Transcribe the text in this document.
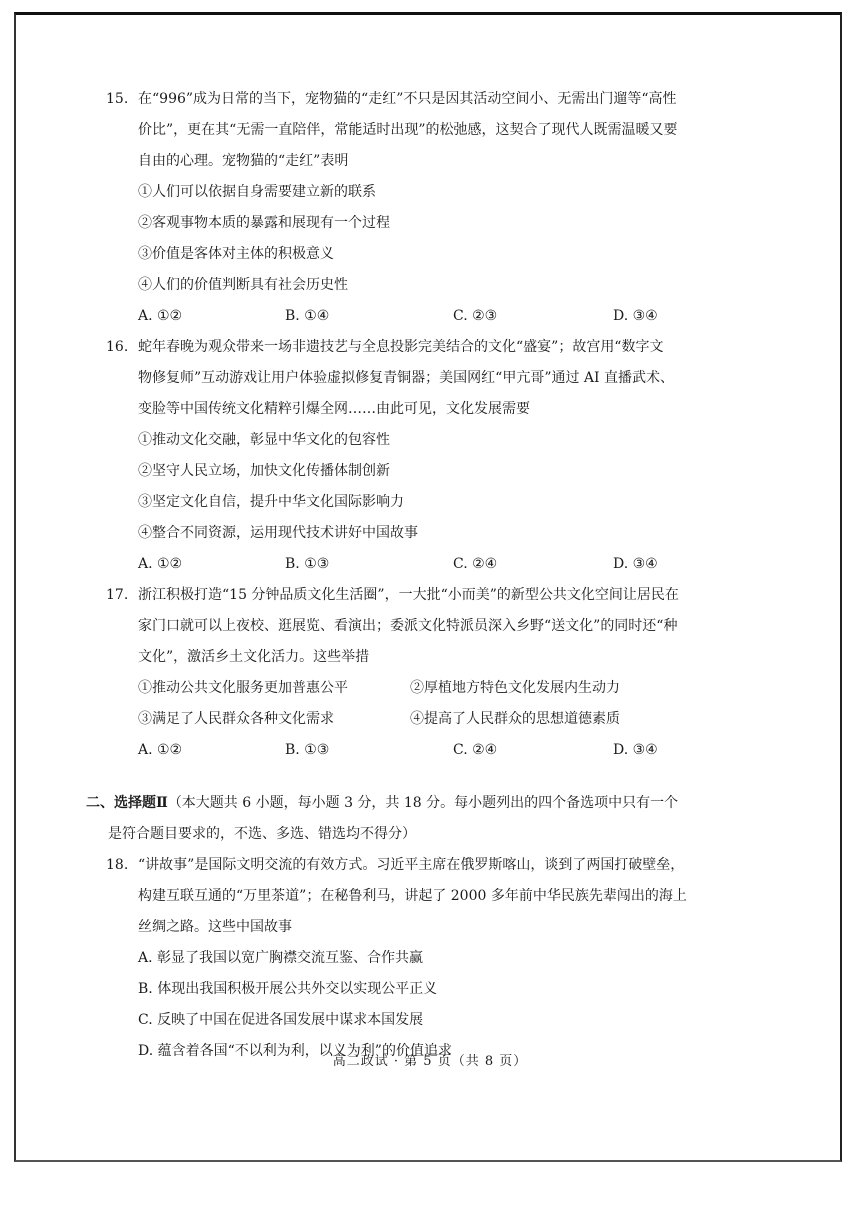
15. 在“996”成为日常的当下，宠物猫的“走红”不只是因其活动空间小、无需出门遛等“高性
价比”，更在其“无需一直陪伴，常能适时出现”的松弛感，这契合了现代人既需温暖又要
自由的心理。宠物猫的“走红”表明
①人们可以依据自身需要建立新的联系
②客观事物本质的暴露和展现有一个过程
③价值是客体对主体的积极意义
④人们的价值判断具有社会历史性
A. ①②	B. ①④	C. ②③	D. ③④
16. 蛇年春晚为观众带来一场非遗技艺与全息投影完美结合的文化“盛宴”；故宫用“数字文
物修复师”互动游戏让用户体验虚拟修复青铜器；美国网红“甲亢哥”通过 AI 直播武术、
变脸等中国传统文化精粹引爆全网……由此可见，文化发展需要
①推动文化交融，彰显中华文化的包容性
②坚守人民立场，加快文化传播体制创新
③坚定文化自信，提升中华文化国际影响力
④整合不同资源，运用现代技术讲好中国故事
A. ①②	B. ①③	C. ②④	D. ③④
17. 浙江积极打造“15 分钟品质文化生活圈”，一大批“小而美”的新型公共文化空间让居民在
家门口就可以上夜校、逛展览、看演出；委派文化特派员深入乡野“送文化”的同时还“种
文化”，激活乡土文化活力。这些举措
①推动公共文化服务更加普惠公平	②厚植地方特色文化发展内生动力
③满足了人民群众各种文化需求	④提高了人民群众的思想道德素质
A. ①②	B. ①③	C. ②④	D. ③④
二、选择题Ⅱ（本大题共 6 小题，每小题 3 分，共 18 分。每小题列出的四个备选项中只有一个
是符合题目要求的，不选、多选、错选均不得分）
18. “讲故事”是国际文明交流的有效方式。习近平主席在俄罗斯喀山，谈到了两国打破壁垒，
构建互联互通的“万里茶道”；在秘鲁利马，讲起了 2000 多年前中华民族先辈闯出的海上
丝绸之路。这些中国故事
A. 彰显了我国以宽广胸襟交流互鉴、合作共赢
B. 体现出我国积极开展公共外交以实现公平正义
C. 反映了中国在促进各国发展中谋求本国发展
D. 蕴含着各国“不以利为利，以义为利”的价值追求
高二政试 · 第 5 页（共 8 页）
